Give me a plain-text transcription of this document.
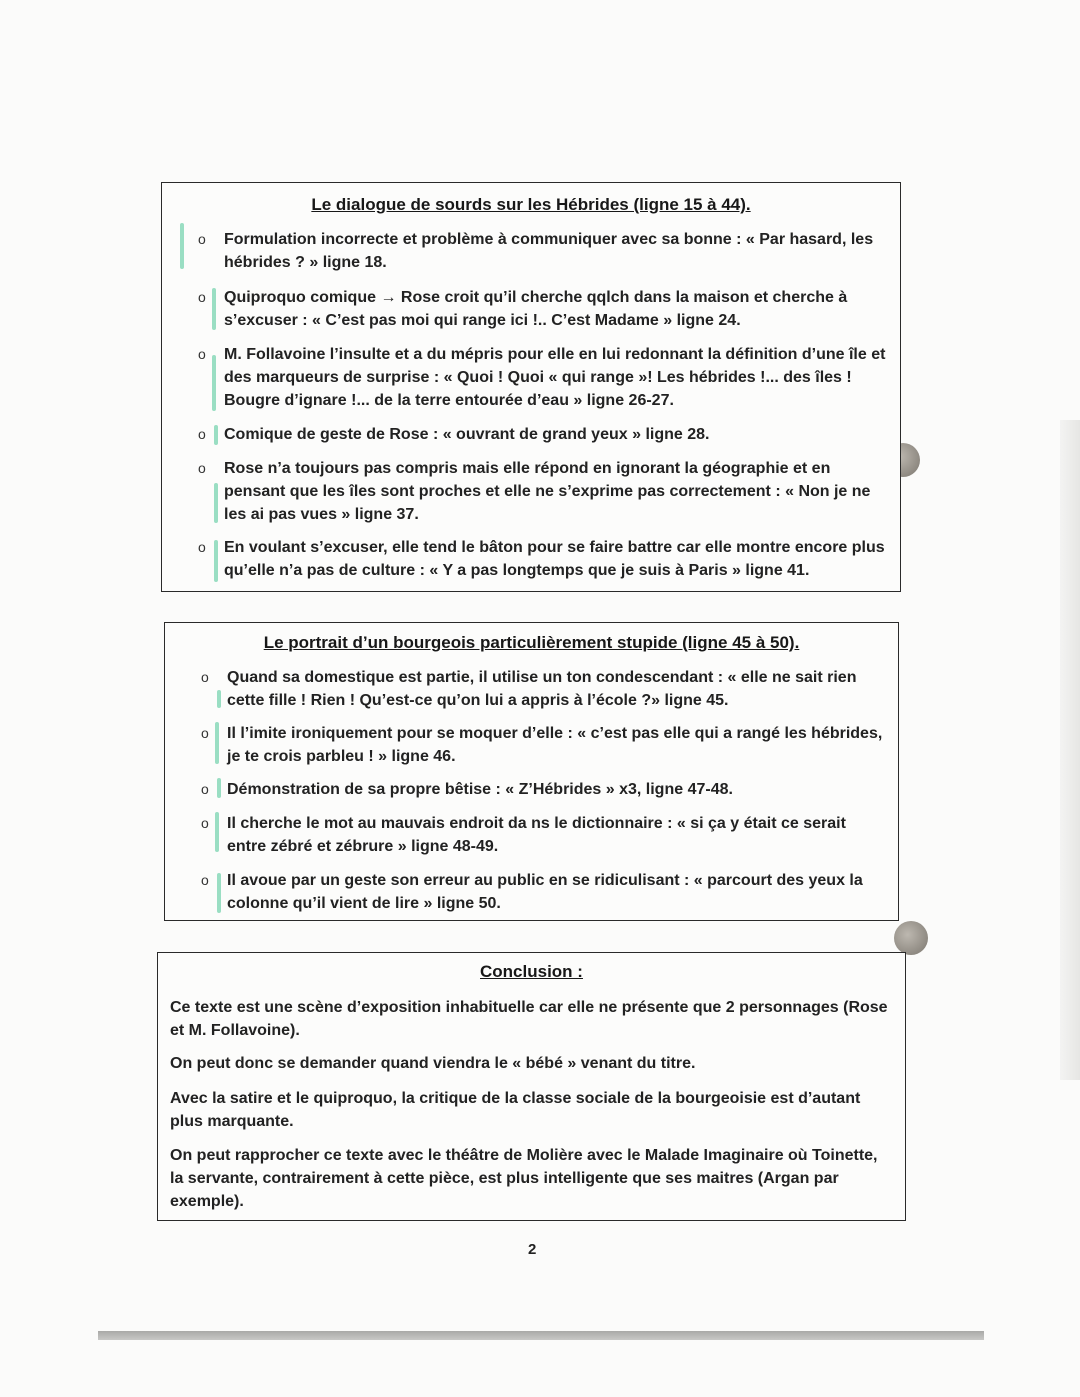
Le dialogue de sourds sur les Hébrides (ligne 15 à 44).
o Formulation incorrecte et problème à communiquer avec sa bonne : « Par hasard, les hébrides ? » ligne 18.
o Quiproquo comique → Rose croit qu’il cherche qqlch dans la maison et cherche à s’excuser : « C’est pas moi qui range ici !.. C’est Madame » ligne 24.
o M. Follavoine l’insulte et a du mépris pour elle en lui redonnant la définition d’une île et des marqueurs de surprise : « Quoi ! Quoi « qui range »! Les hébrides !... des îles ! Bougre d’ignare !... de la terre entourée d’eau » ligne 26-27.
o Comique de geste de Rose : « ouvrant de grand yeux » ligne 28.
o Rose n’a toujours pas compris mais elle répond en ignorant la géographie et en pensant que les îles sont proches et elle ne s’exprime pas correctement : « Non je ne les ai pas vues » ligne 37.
o En voulant s’excuser, elle tend le bâton pour se faire battre car elle montre encore plus qu’elle n’a pas de culture : « Y a pas longtemps que je suis à Paris » ligne 41.
Le portrait d’un bourgeois particulièrement stupide (ligne 45 à 50).
o Quand sa domestique est partie, il utilise un ton condescendant : « elle ne sait rien cette fille ! Rien ! Qu’est-ce qu’on lui a appris à l’école ?» ligne 45.
o Il l’imite ironiquement pour se moquer d’elle : « c’est pas elle qui a rangé les hébrides, je te crois parbleu ! » ligne 46.
o Démonstration de sa propre bêtise : « Z’Hébrides » x3, ligne 47-48.
o Il cherche le mot au mauvais endroit da ns le dictionnaire : « si ça y était ce serait entre zébré et zébrure » ligne 48-49.
o Il avoue par un geste son erreur au public en se ridiculisant : « parcourt des yeux la colonne qu’il vient de lire » ligne 50.
Conclusion :
Ce texte est une scène d’exposition inhabituelle car elle ne présente que 2 personnages (Rose et M. Follavoine).
On peut donc se demander quand viendra le « bébé » venant du titre.
Avec la satire et le quiproquo, la critique de la classe sociale de la bourgeoisie est d’autant plus marquante.
On peut rapprocher ce texte avec le théâtre de Molière avec le Malade Imaginaire où Toinette, la servante, contrairement à cette pièce, est plus intelligente que ses maitres (Argan par exemple).
2
